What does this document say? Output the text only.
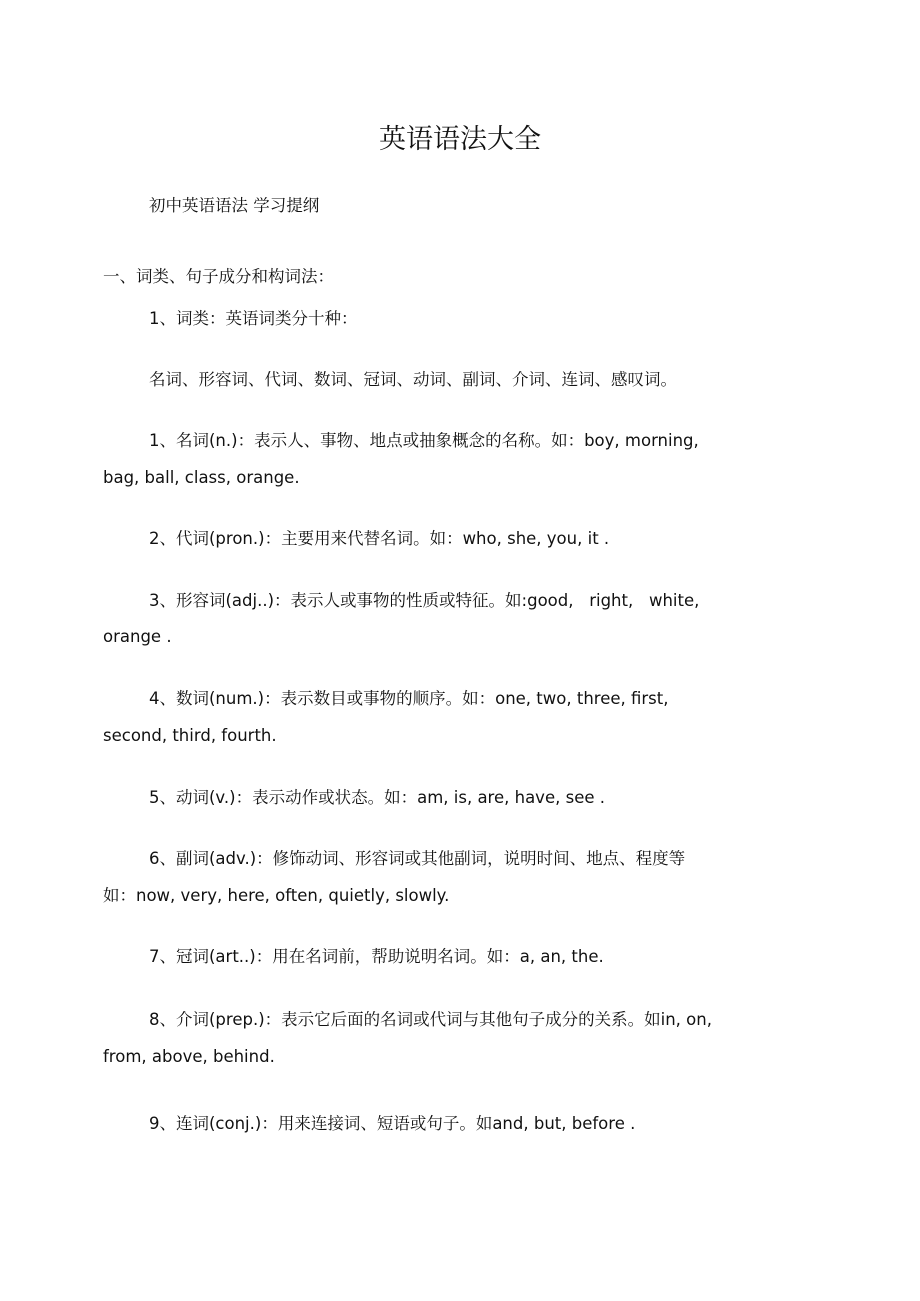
英语语法大全
初中英语语法 学习提纲
一、词类、句子成分和构词法：
1、词类：英语词类分十种：
名词、形容词、代词、数词、冠词、动词、副词、介词、连词、感叹词。
1、名词(n.)：表示人、事物、地点或抽象概念的名称。如：boy, morning,
bag, ball, class, orange.
2、代词(pron.)：主要用来代替名词。如：who, she, you, it .
3、形容词(adj..)：表示人或事物的性质或特征。如:good,   right,   white,
orange .
4、数词(num.)：表示数目或事物的顺序。如：one, two, three, first,
second, third, fourth.
5、动词(v.)：表示动作或状态。如：am, is, are, have, see .
6、副词(adv.)：修饰动词、形容词或其他副词，说明时间、地点、程度等
如：now, very, here, often, quietly, slowly.
7、冠词(art..)：用在名词前，帮助说明名词。如：a, an, the.
8、介词(prep.)：表示它后面的名词或代词与其他句子成分的关系。如in, on,
from, above, behind.
9、连词(conj.)：用来连接词、短语或句子。如and, but, before .
